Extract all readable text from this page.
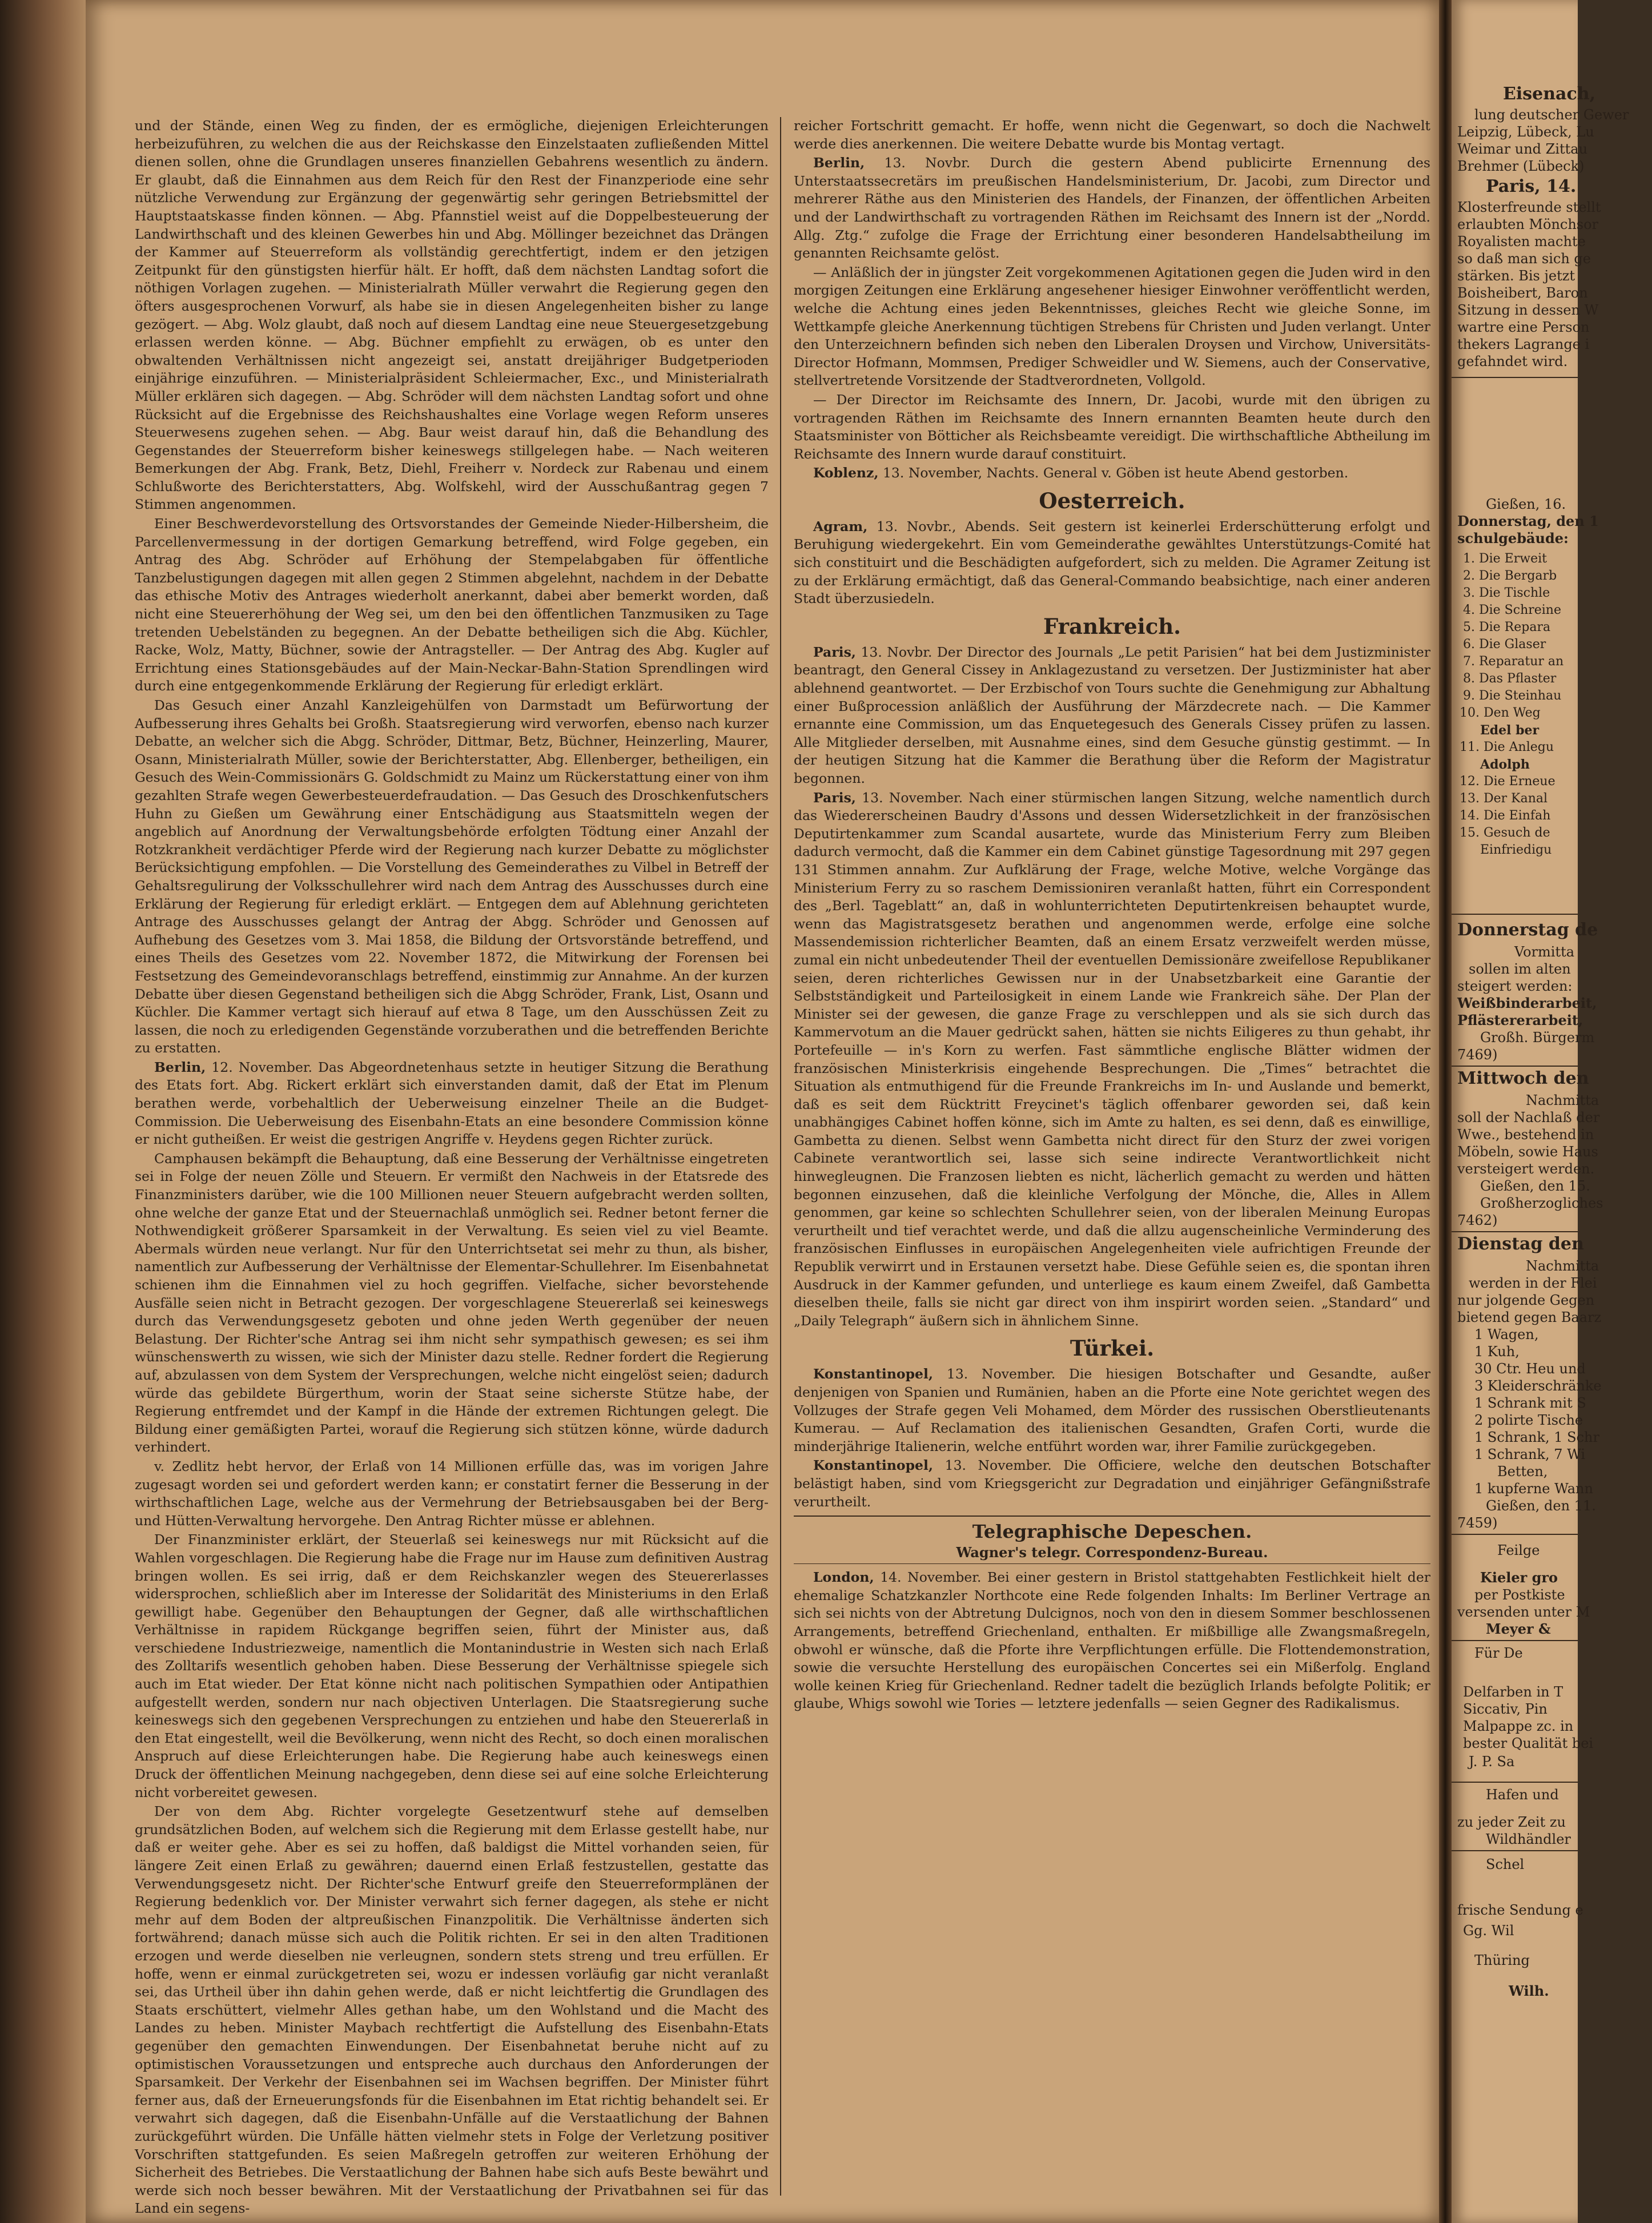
und der Stände, einen Weg zu finden, der es ermögliche, diejenigen Erleichterungen herbeizuführen, zu welchen die aus der Reichskasse den Einzelstaaten zufließenden Mittel dienen sollen, ohne die Grundlagen unseres finanziellen Gebahrens wesentlich zu ändern. Er glaubt, daß die Einnahmen aus dem Reich für den Rest der Finanzperiode eine sehr nützliche Verwendung zur Ergänzung der gegenwärtig sehr geringen Betriebsmittel der Hauptstaatskasse finden können. — Abg. Pfannstiel weist auf die Doppelbesteuerung der Landwirthschaft und des kleinen Gewerbes hin und Abg. Möllinger bezeichnet das Drängen der Kammer auf Steuerreform als vollständig gerechtfertigt, indem er den jetzigen Zeitpunkt für den günstigsten hierfür hält. Er hofft, daß dem nächsten Landtag sofort die nöthigen Vorlagen zugehen. — Ministerialrath Müller verwahrt die Regierung gegen den öfters ausgesprochenen Vorwurf, als habe sie in diesen Angelegenheiten bisher zu lange gezögert. — Abg. Wolz glaubt, daß noch auf diesem Landtag eine neue Steuergesetzgebung erlassen werden könne. — Abg. Büchner empfiehlt zu erwägen, ob es unter den obwaltenden Verhältnissen nicht angezeigt sei, anstatt dreijähriger Budgetperioden einjährige einzuführen. — Ministerialpräsident Schleiermacher, Exc., und Ministerialrath Müller erklären sich dagegen. — Abg. Schröder will dem nächsten Landtag sofort und ohne Rücksicht auf die Ergebnisse des Reichshaushaltes eine Vorlage wegen Reform unseres Steuerwesens zugehen sehen. — Abg. Baur weist darauf hin, daß die Behandlung des Gegenstandes der Steuerreform bisher keineswegs stillgelegen habe. — Nach weiteren Bemerkungen der Abg. Frank, Betz, Diehl, Freiherr v. Nordeck zur Rabenau und einem Schlußworte des Berichterstatters, Abg. Wolfskehl, wird der Ausschußantrag gegen 7 Stimmen angenommen.

Einer Beschwerdevorstellung des Ortsvorstandes der Gemeinde Nieder-Hilbersheim, die Parcellenvermessung in der dortigen Gemarkung betreffend, wird Folge gegeben, ein Antrag des Abg. Schröder auf Erhöhung der Stempelabgaben für öffentliche Tanzbelustigungen dagegen mit allen gegen 2 Stimmen abgelehnt, nachdem in der Debatte das ethische Motiv des Antrages wiederholt anerkannt, dabei aber bemerkt worden, daß nicht eine Steuererhöhung der Weg sei, um den bei den öffentlichen Tanzmusiken zu Tage tretenden Uebelständen zu begegnen. An der Debatte betheiligen sich die Abg. Küchler, Racke, Wolz, Matty, Büchner, sowie der Antragsteller. — Der Antrag des Abg. Kugler auf Errichtung eines Stationsgebäudes auf der Main-Neckar-Bahn-Station Sprendlingen wird durch eine entgegenkommende Erklärung der Regierung für erledigt erklärt.

Das Gesuch einer Anzahl Kanzleigehülfen von Darmstadt um Befürwortung der Aufbesserung ihres Gehalts bei Großh. Staatsregierung wird verworfen, ebenso nach kurzer Debatte, an welcher sich die Abgg. Schröder, Dittmar, Betz, Büchner, Heinzerling, Maurer, Osann, Ministerialrath Müller, sowie der Berichterstatter, Abg. Ellenberger, betheiligen, ein Gesuch des Wein-Commissionärs G. Goldschmidt zu Mainz um Rückerstattung einer von ihm gezahlten Strafe wegen Gewerbesteuerdefraudation. — Das Gesuch des Droschkenfutschers Huhn zu Gießen um Gewährung einer Entschädigung aus Staatsmitteln wegen der angeblich auf Anordnung der Verwaltungsbehörde erfolgten Tödtung einer Anzahl der Rotzkrankheit verdächtiger Pferde wird der Regierung nach kurzer Debatte zu möglichster Berücksichtigung empfohlen. — Die Vorstellung des Gemeinderathes zu Vilbel in Betreff der Gehaltsregulirung der Volksschullehrer wird nach dem Antrag des Ausschusses durch eine Erklärung der Regierung für erledigt erklärt. — Entgegen dem auf Ablehnung gerichteten Antrage des Ausschusses gelangt der Antrag der Abgg. Schröder und Genossen auf Aufhebung des Gesetzes vom 3. Mai 1858, die Bildung der Ortsvorstände betreffend, und eines Theils des Gesetzes vom 22. November 1872, die Mitwirkung der Forensen bei Festsetzung des Gemeindevoranschlags betreffend, einstimmig zur Annahme. An der kurzen Debatte über diesen Gegenstand betheiligen sich die Abgg Schröder, Frank, List, Osann und Küchler. Die Kammer vertagt sich hierauf auf etwa 8 Tage, um den Ausschüssen Zeit zu lassen, die noch zu erledigenden Gegenstände vorzuberathen und die betreffenden Berichte zu erstatten.

Berlin, 12. November. Das Abgeordnetenhaus setzte in heutiger Sitzung die Berathung des Etats fort. Abg. Rickert erklärt sich einverstanden damit, daß der Etat im Plenum berathen werde, vorbehaltlich der Ueberweisung einzelner Theile an die Budget-Commission. Die Ueberweisung des Eisenbahn-Etats an eine besondere Commission könne er nicht gutheißen. Er weist die gestrigen Angriffe v. Heydens gegen Richter zurück.

Camphausen bekämpft die Behauptung, daß eine Besserung der Verhältnisse eingetreten sei in Folge der neuen Zölle und Steuern. Er vermißt den Nachweis in der Etatsrede des Finanzministers darüber, wie die 100 Millionen neuer Steuern aufgebracht werden sollten, ohne welche der ganze Etat und der Steuernachlaß unmöglich sei. Redner betont ferner die Nothwendigkeit größerer Sparsamkeit in der Verwaltung. Es seien viel zu viel Beamte. Abermals würden neue verlangt. Nur für den Unterrichtsetat sei mehr zu thun, als bisher, namentlich zur Aufbesserung der Verhältnisse der Elementar-Schullehrer. Im Eisenbahnetat schienen ihm die Einnahmen viel zu hoch gegriffen. Vielfache, sicher bevorstehende Ausfälle seien nicht in Betracht gezogen. Der vorgeschlagene Steuererlaß sei keineswegs durch das Verwendungsgesetz geboten und ohne jeden Werth gegenüber der neuen Belastung. Der Richter'sche Antrag sei ihm nicht sehr sympathisch gewesen; es sei ihm wünschenswerth zu wissen, wie sich der Minister dazu stelle. Redner fordert die Regierung auf, abzulassen von dem System der Versprechungen, welche nicht eingelöst seien; dadurch würde das gebildete Bürgerthum, worin der Staat seine sicherste Stütze habe, der Regierung entfremdet und der Kampf in die Hände der extremen Richtungen gelegt. Die Bildung einer gemäßigten Partei, worauf die Regierung sich stützen könne, würde dadurch verhindert.

v. Zedlitz hebt hervor, der Erlaß von 14 Millionen erfülle das, was im vorigen Jahre zugesagt worden sei und gefordert werden kann; er constatirt ferner die Besserung in der wirthschaftlichen Lage, welche aus der Vermehrung der Betriebsausgaben bei der Berg- und Hütten-Verwaltung hervorgehe. Den Antrag Richter müsse er ablehnen.

Der Finanzminister erklärt, der Steuerlaß sei keineswegs nur mit Rücksicht auf die Wahlen vorgeschlagen. Die Regierung habe die Frage nur im Hause zum definitiven Austrag bringen wollen. Es sei irrig, daß er dem Reichskanzler wegen des Steuererlasses widersprochen, schließlich aber im Interesse der Solidarität des Ministeriums in den Erlaß gewilligt habe. Gegenüber den Behauptungen der Gegner, daß alle wirthschaftlichen Verhältnisse in rapidem Rückgange begriffen seien, führt der Minister aus, daß verschiedene Industriezweige, namentlich die Montanindustrie in Westen sich nach Erlaß des Zolltarifs wesentlich gehoben haben. Diese Besserung der Verhältnisse spiegele sich auch im Etat wieder. Der Etat könne nicht nach politischen Sympathien oder Antipathien aufgestellt werden, sondern nur nach objectiven Unterlagen. Die Staatsregierung suche keineswegs sich den gegebenen Versprechungen zu entziehen und habe den Steuererlaß in den Etat eingestellt, weil die Bevölkerung, wenn nicht des Recht, so doch einen moralischen Anspruch auf diese Erleichterungen habe. Die Regierung habe auch keineswegs einen Druck der öffentlichen Meinung nachgegeben, denn diese sei auf eine solche Erleichterung nicht vorbereitet gewesen.

Der von dem Abg. Richter vorgelegte Gesetzentwurf stehe auf demselben grundsätzlichen Boden, auf welchem sich die Regierung mit dem Erlasse gestellt habe, nur daß er weiter gehe. Aber es sei zu hoffen, daß baldigst die Mittel vorhanden seien, für längere Zeit einen Erlaß zu gewähren; dauernd einen Erlaß festzustellen, gestatte das Verwendungsgesetz nicht. Der Richter'sche Entwurf greife den Steuerreformplänen der Regierung bedenklich vor. Der Minister verwahrt sich ferner dagegen, als stehe er nicht mehr auf dem Boden der altpreußischen Finanzpolitik. Die Verhältnisse änderten sich fortwährend; danach müsse sich auch die Politik richten. Er sei in den alten Traditionen erzogen und werde dieselben nie verleugnen, sondern stets streng und treu erfüllen. Er hoffe, wenn er einmal zurückgetreten sei, wozu er indessen vorläufig gar nicht veranlaßt sei, das Urtheil über ihn dahin gehen werde, daß er nicht leichtfertig die Grundlagen des Staats erschüttert, vielmehr Alles gethan habe, um den Wohlstand und die Macht des Landes zu heben. Minister Maybach rechtfertigt die Aufstellung des Eisenbahn-Etats gegenüber den gemachten Einwendungen. Der Eisenbahnetat beruhe nicht auf zu optimistischen Voraussetzungen und entspreche auch durchaus den Anforderungen der Sparsamkeit. Der Verkehr der Eisenbahnen sei im Wachsen begriffen. Der Minister führt ferner aus, daß der Erneuerungsfonds für die Eisenbahnen im Etat richtig behandelt sei. Er verwahrt sich dagegen, daß die Eisenbahn-Unfälle auf die Verstaatlichung der Bahnen zurückgeführt würden. Die Unfälle hätten vielmehr stets in Folge der Verletzung positiver Vorschriften stattgefunden. Es seien Maßregeln getroffen zur weiteren Erhöhung der Sicherheit des Betriebes. Die Verstaatlichung der Bahnen habe sich aufs Beste bewährt und werde sich noch besser bewähren. Mit der Verstaatlichung der Privatbahnen sei für das Land ein segens-

reicher Fortschritt gemacht. Er hoffe, wenn nicht die Gegenwart, so doch die Nachwelt werde dies anerkennen. Die weitere Debatte wurde bis Montag vertagt.

Berlin, 13. Novbr. Durch die gestern Abend publicirte Ernennung des Unterstaatssecretärs im preußischen Handelsministerium, Dr. Jacobi, zum Director und mehrerer Räthe aus den Ministerien des Handels, der Finanzen, der öffentlichen Arbeiten und der Landwirthschaft zu vortragenden Räthen im Reichsamt des Innern ist der „Nordd. Allg. Ztg.“ zufolge die Frage der Errichtung einer besonderen Handelsabtheilung im genannten Reichsamte gelöst.

— Anläßlich der in jüngster Zeit vorgekommenen Agitationen gegen die Juden wird in den morgigen Zeitungen eine Erklärung angesehener hiesiger Einwohner veröffentlicht werden, welche die Achtung eines jeden Bekenntnisses, gleiches Recht wie gleiche Sonne, im Wettkampfe gleiche Anerkennung tüchtigen Strebens für Christen und Juden verlangt. Unter den Unterzeichnern befinden sich neben den Liberalen Droysen und Virchow, Universitäts-Director Hofmann, Mommsen, Prediger Schweidler und W. Siemens, auch der Conservative, stellvertretende Vorsitzende der Stadtverordneten, Vollgold.

— Der Director im Reichsamte des Innern, Dr. Jacobi, wurde mit den übrigen zu vortragenden Räthen im Reichsamte des Innern ernannten Beamten heute durch den Staatsminister von Bötticher als Reichsbeamte vereidigt. Die wirthschaftliche Abtheilung im Reichsamte des Innern wurde darauf constituirt.

Koblenz, 13. November, Nachts. General v. Göben ist heute Abend gestorben.

Oesterreich.

Agram, 13. Novbr., Abends. Seit gestern ist keinerlei Erderschütterung erfolgt und Beruhigung wiedergekehrt. Ein vom Gemeinderathe gewähltes Unterstützungs-Comité hat sich constituirt und die Beschädigten aufgefordert, sich zu melden. Die Agramer Zeitung ist zu der Erklärung ermächtigt, daß das General-Commando beabsichtige, nach einer anderen Stadt überzusiedeln.

Frankreich.

Paris, 13. Novbr. Der Director des Journals „Le petit Parisien“ hat bei dem Justizminister beantragt, den General Cissey in Anklagezustand zu versetzen. Der Justizminister hat aber ablehnend geantwortet. — Der Erzbischof von Tours suchte die Genehmigung zur Abhaltung einer Bußprocession anläßlich der Ausführung der Märzdecrete nach. — Die Kammer ernannte eine Commission, um das Enquetegesuch des Generals Cissey prüfen zu lassen. Alle Mitglieder derselben, mit Ausnahme eines, sind dem Gesuche günstig gestimmt. — In der heutigen Sitzung hat die Kammer die Berathung über die Reform der Magistratur begonnen.

Paris, 13. November. Nach einer stürmischen langen Sitzung, welche namentlich durch das Wiedererscheinen Baudry d'Assons und dessen Widersetzlichkeit in der französischen Deputirtenkammer zum Scandal ausartete, wurde das Ministerium Ferry zum Bleiben dadurch vermocht, daß die Kammer ein dem Cabinet günstige Tagesordnung mit 297 gegen 131 Stimmen annahm. Zur Aufklärung der Frage, welche Motive, welche Vorgänge das Ministerium Ferry zu so raschem Demissioniren veranlaßt hatten, führt ein Correspondent des „Berl. Tageblatt“ an, daß in wohlunterrichteten Deputirtenkreisen behauptet wurde, wenn das Magistratsgesetz berathen und angenommen werde, erfolge eine solche Massendemission richterlicher Beamten, daß an einem Ersatz verzweifelt werden müsse, zumal ein nicht unbedeutender Theil der eventuellen Demissionäre zweifellose Republikaner seien, deren richterliches Gewissen nur in der Unabsetzbarkeit eine Garantie der Selbstständigkeit und Parteilosigkeit in einem Lande wie Frankreich sähe. Der Plan der Minister sei der gewesen, die ganze Frage zu verschleppen und als sie sich durch das Kammervotum an die Mauer gedrückt sahen, hätten sie nichts Eiligeres zu thun gehabt, ihr Portefeuille — in's Korn zu werfen. Fast sämmtliche englische Blätter widmen der französischen Ministerkrisis eingehende Besprechungen. Die „Times“ betrachtet die Situation als entmuthigend für die Freunde Frankreichs im In- und Auslande und bemerkt, daß es seit dem Rücktritt Freycinet's täglich offenbarer geworden sei, daß kein unabhängiges Cabinet hoffen könne, sich im Amte zu halten, es sei denn, daß es einwillige, Gambetta zu dienen. Selbst wenn Gambetta nicht direct für den Sturz der zwei vorigen Cabinete verantwortlich sei, lasse sich seine indirecte Verantwortlichkeit nicht hinwegleugnen. Die Franzosen liebten es nicht, lächerlich gemacht zu werden und hätten begonnen einzusehen, daß die kleinliche Verfolgung der Mönche, die, Alles in Allem genommen, gar keine so schlechten Schullehrer seien, von der liberalen Meinung Europas verurtheilt und tief verachtet werde, und daß die allzu augenscheinliche Verminderung des französischen Einflusses in europäischen Angelegenheiten viele aufrichtigen Freunde der Republik verwirrt und in Erstaunen versetzt habe. Diese Gefühle seien es, die spontan ihren Ausdruck in der Kammer gefunden, und unterliege es kaum einem Zweifel, daß Gambetta dieselben theile, falls sie nicht gar direct von ihm inspirirt worden seien. „Standard“ und „Daily Telegraph“ äußern sich in ähnlichem Sinne.

Türkei.

Konstantinopel, 13. November. Die hiesigen Botschafter und Gesandte, außer denjenigen von Spanien und Rumänien, haben an die Pforte eine Note gerichtet wegen des Vollzuges der Strafe gegen Veli Mohamed, dem Mörder des russischen Oberstlieutenants Kumerau. — Auf Reclamation des italienischen Gesandten, Grafen Corti, wurde die minderjährige Italienerin, welche entführt worden war, ihrer Familie zurückgegeben.

Konstantinopel, 13. November. Die Officiere, welche den deutschen Botschafter belästigt haben, sind vom Kriegsgericht zur Degradation und einjähriger Gefängnißstrafe verurtheilt.

Telegraphische Depeschen.
Wagner's telegr. Correspondenz-Bureau.

London, 14. November. Bei einer gestern in Bristol stattgehabten Festlichkeit hielt der ehemalige Schatzkanzler Northcote eine Rede folgenden Inhalts: Im Berliner Vertrage an sich sei nichts von der Abtretung Dulcignos, noch von den in diesem Sommer beschlossenen Arrangements, betreffend Griechenland, enthalten. Er mißbillige alle Zwangsmaßregeln, obwohl er wünsche, daß die Pforte ihre Verpflichtungen erfülle. Die Flottendemonstration, sowie die versuchte Herstellung des europäischen Concertes sei ein Mißerfolg. England wolle keinen Krieg für Griechenland. Redner tadelt die bezüglich Irlands befolgte Politik; er glaube, Whigs sowohl wie Tories — letztere jedenfalls — seien Gegner des Radikalismus.

Eisenach,
lung deutscher Gewer
Leipzig, Lübeck, Lu
Weimar und Zittau
Brehmer (Lübeck)
Paris, 14.
Klosterfreunde stellt
erlaubten Mönchsor
Royalisten machte
so daß man sich ge
stärken. Bis jetzt
Boisheibert, Baron
Sitzung in dessen W
wartre eine Person
thekers Lagrange i
gefahndet wird.
Gießen, 16.
Donnerstag, den 1
schulgebäude:
1. Die Erweit
2. Die Bergarb
3. Die Tischle
4. Die Schreine
5. Die Repara
6. Die Glaser
7. Reparatur an
8. Das Pflaster
9. Die Steinhau
10. Den Weg
Edel ber
11. Die Anlegu
Adolph
12. Die Erneue
13. Der Kanal
14. Die Einfah
15. Gesuch de
Einfriedigu
Donnerstag de
Vormitta
sollen im alten
steigert werden:
Weißbinderarbeit,
Pflästererarbeit,
Großh. Bürgerm
7469)
Mittwoch den
Nachmitta
soll der Nachlaß der
Wwe., bestehend in
Möbeln, sowie Haus
versteigert werden.
Gießen, den 15.
Großherzogliches
7462)
Dienstag den
Nachmitta
werden in der Flei
nur jolgende Gegen
bietend gegen Baarz
1 Wagen,
1 Kuh,
30 Ctr. Heu und
3 Kleiderschränke
1 Schrank mit S
2 polirte Tische
1 Schrank, 1 Schr
1 Schrank, 7 Wi
Betten,
1 kupferne Wann
Gießen, den 11.
7459)
Feilge
Kieler gro
per Postkiste
versenden unter M
Meyer &
Für De
Delfarben in T
Siccativ, Pin
Malpappe zc. in
bester Qualität bei
J. P. Sa
Hafen und
zu jeder Zeit zu
Wildhändler
Schel
frische Sendung e
Gg. Wil
Thüring
Wilh.
